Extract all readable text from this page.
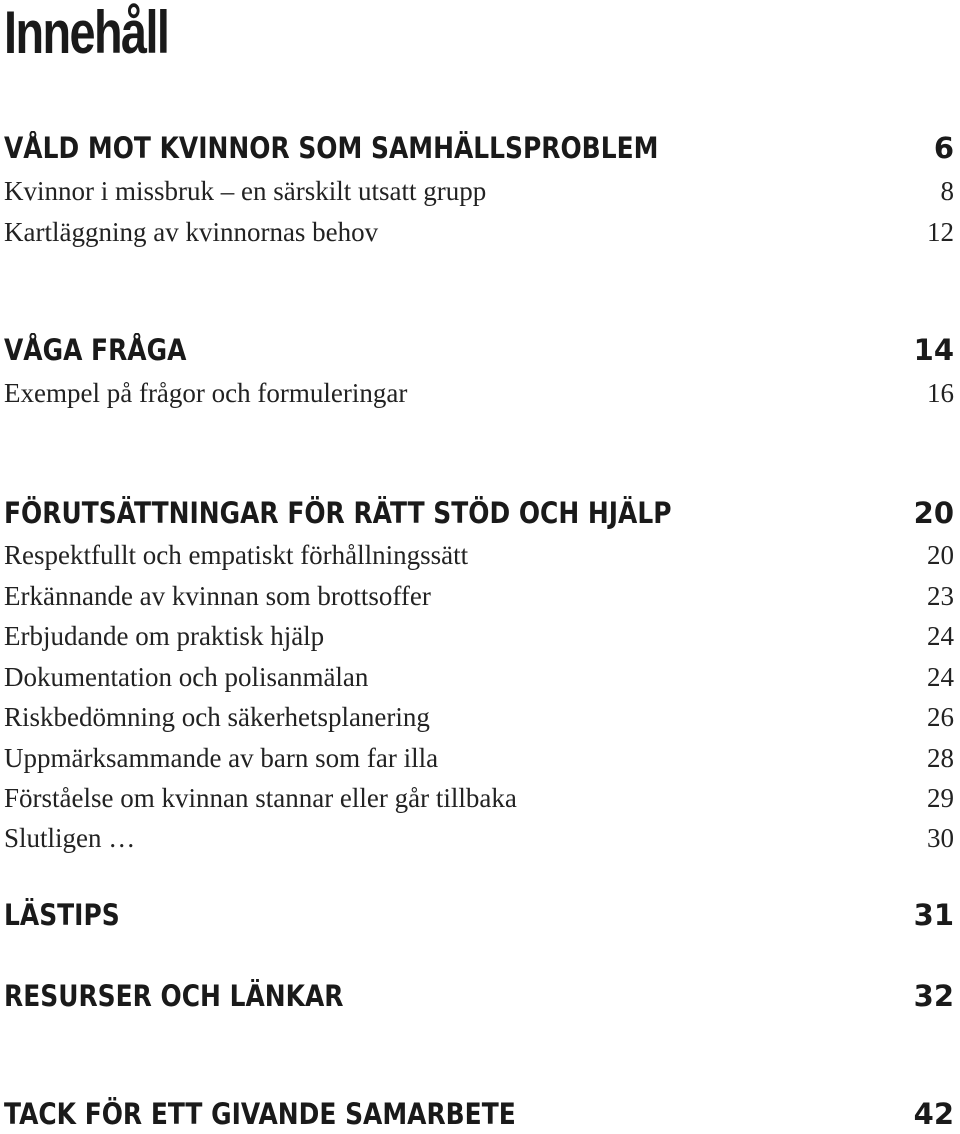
Innehåll
VÅLD MOT KVINNOR SOM SAMHÄLLSPROBLEM	6
Kvinnor i missbruk – en särskilt utsatt grupp	8
Kartläggning av kvinnornas behov	12
VÅGA FRÅGA	14
Exempel på frågor och formuleringar	16
FÖRUTSÄTTNINGAR FÖR RÄTT STÖD OCH HJÄLP	20
Respektfullt och empatiskt förhållningssätt	20
Erkännande av kvinnan som brottsoffer	23
Erbjudande om praktisk hjälp	24
Dokumentation och polisanmälan	24
Riskbedömning och säkerhetsplanering	26
Uppmärksammande av barn som far illa	28
Förståelse om kvinnan stannar eller går tillbaka	29
Slutligen …	30
LÄSTIPS	31
RESURSER OCH LÄNKAR	32
TACK FÖR ETT GIVANDE SAMARBETE	42
